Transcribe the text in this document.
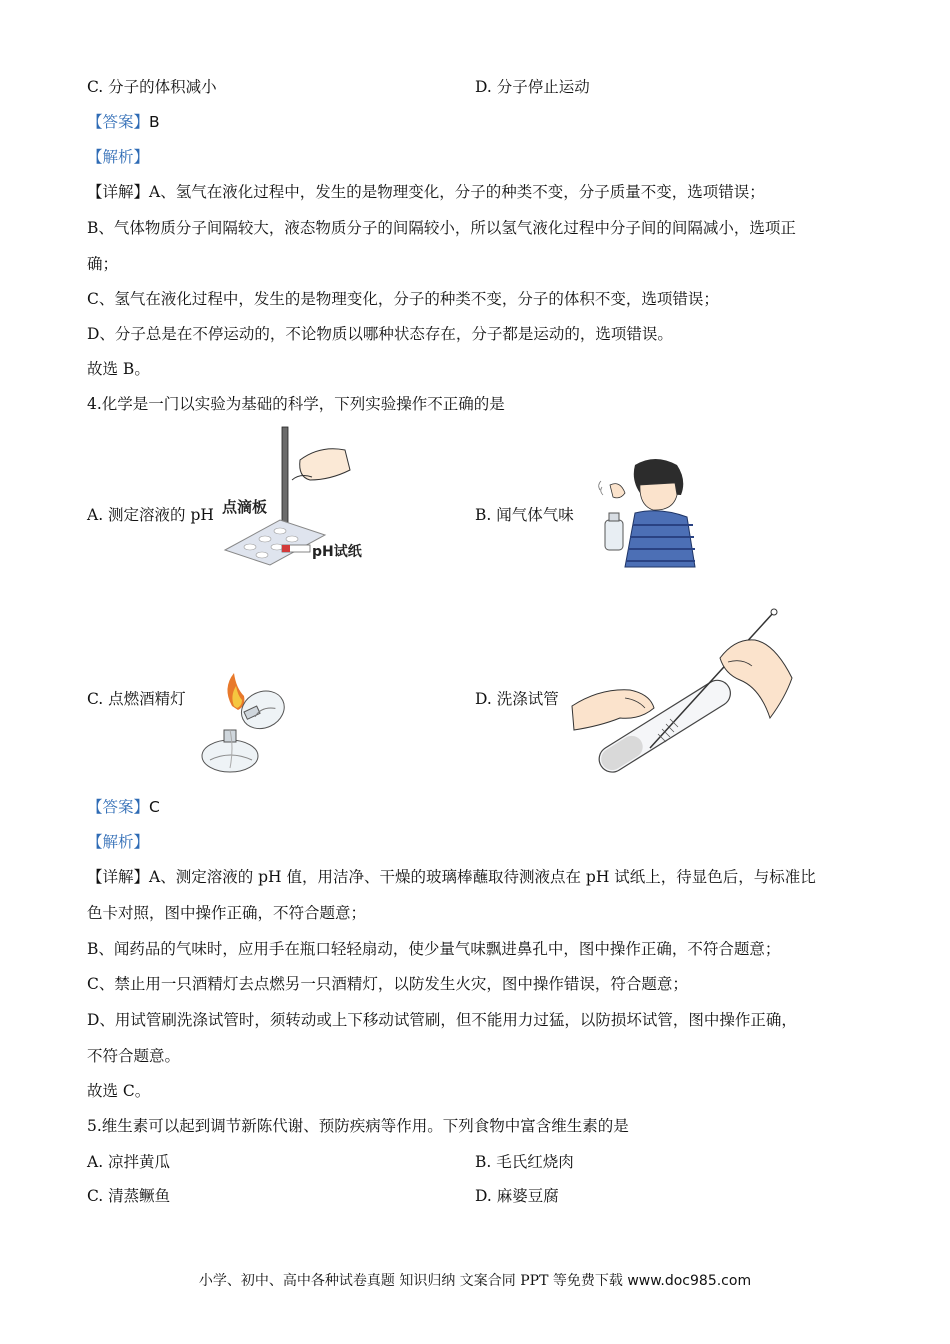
C. 分子的体积减小	D. 分子停止运动
【答案】B
【解析】
【详解】A、氢气在液化过程中，发生的是物理变化，分子的种类不变，分子质量不变，选项错误；
B、气体物质分子间隔较大，液态物质分子的间隔较小，所以氢气液化过程中分子间的间隔减小，选项正
确；
C、氢气在液化过程中，发生的是物理变化，分子的种类不变，分子的体积不变，选项错误；
D、分子总是在不停运动的，不论物质以哪种状态存在，分子都是运动的，选项错误。
故选 B。
4.化学是一门以实验为基础的科学，下列实验操作不正确的是
A. 测定溶液的 pH	B. 闻气体气味
C. 点燃酒精灯	D. 洗涤试管
点滴板
pH试纸
【答案】C
【解析】
【详解】A、测定溶液的 pH 值，用洁净、干燥的玻璃棒蘸取待测液点在 pH 试纸上，待显色后，与标准比
色卡对照，图中操作正确，不符合题意；
B、闻药品的气味时，应用手在瓶口轻轻扇动，使少量气味飘进鼻孔中，图中操作正确，不符合题意；
C、禁止用一只酒精灯去点燃另一只酒精灯，以防发生火灾，图中操作错误，符合题意；
D、用试管刷洗涤试管时，须转动或上下移动试管刷，但不能用力过猛，以防损坏试管，图中操作正确，
不符合题意。
故选 C。
5.维生素可以起到调节新陈代谢、预防疾病等作用。下列食物中富含维生素的是
A. 凉拌黄瓜	B. 毛氏红烧肉
C. 清蒸鳜鱼	D. 麻婆豆腐
小学、初中、高中各种试卷真题 知识归纳 文案合同 PPT 等免费下载 www.doc985.com
